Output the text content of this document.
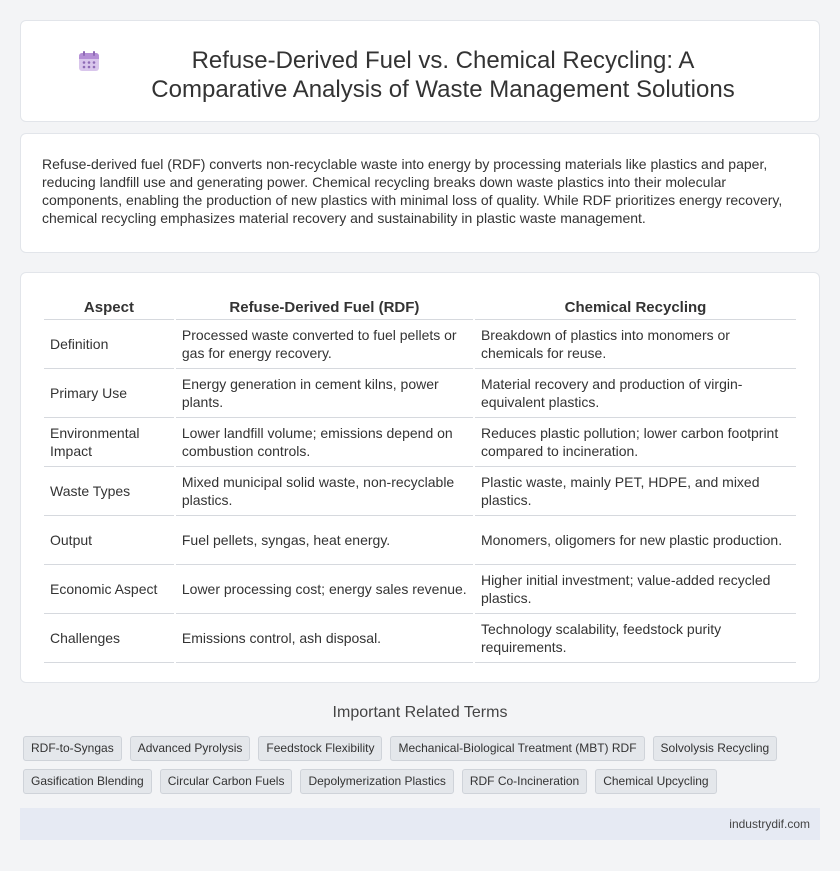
Refuse-Derived Fuel vs. Chemical Recycling: A Comparative Analysis of Waste Management Solutions

Refuse-derived fuel (RDF) converts non-recyclable waste into energy by processing materials like plastics and paper, reducing landfill use and generating power. Chemical recycling breaks down waste plastics into their molecular components, enabling the production of new plastics with minimal loss of quality. While RDF prioritizes energy recovery, chemical recycling emphasizes material recovery and sustainability in plastic waste management.

Aspect	Refuse-Derived Fuel (RDF)	Chemical Recycling
Definition	Processed waste converted to fuel pellets or gas for energy recovery.	Breakdown of plastics into monomers or chemicals for reuse.
Primary Use	Energy generation in cement kilns, power plants.	Material recovery and production of virgin-equivalent plastics.
Environmental Impact	Lower landfill volume; emissions depend on combustion controls.	Reduces plastic pollution; lower carbon footprint compared to incineration.
Waste Types	Mixed municipal solid waste, non-recyclable plastics.	Plastic waste, mainly PET, HDPE, and mixed plastics.
Output	Fuel pellets, syngas, heat energy.	Monomers, oligomers for new plastic production.
Economic Aspect	Lower processing cost; energy sales revenue.	Higher initial investment; value-added recycled plastics.
Challenges	Emissions control, ash disposal.	Technology scalability, feedstock purity requirements.
Important Related Terms
RDF-to-Syngas	Advanced Pyrolysis	Feedstock Flexibility	Mechanical-Biological Treatment (MBT) RDF	Solvolysis Recycling
Gasification Blending	Circular Carbon Fuels	Depolymerization Plastics	RDF Co-Incineration	Chemical Upcycling
industrydif.com
